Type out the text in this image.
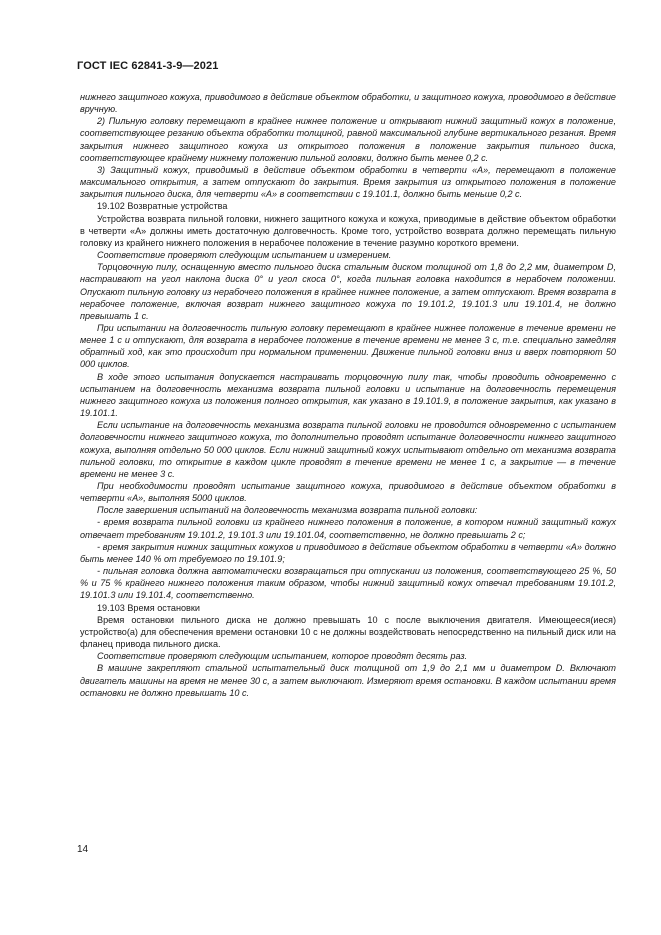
ГОСТ IEC 62841-3-9—2021

нижнего защитного кожуха, приводимого в действие объектом обработки, и защитного кожуха, проводимого в действие вручную.

2) Пильную головку перемещают в крайнее нижнее положение и открывают нижний защитный кожух в положение, соответствующее резанию объекта обработки толщиной, равной максимальной глубине вертикального резания. Время закрытия нижнего защитного кожуха из открытого положения в положение закрытия пильного диска, соответствующее крайнему нижнему положению пильной головки, должно быть менее 0,2 с.

3) Защитный кожух, приводимый в действие объектом обработки в четверти «А», перемещают в положение максимального открытия, а затем отпускают до закрытия. Время закрытия из открытого положения в положение закрытия пильного диска, для четверти «А» в соответствии с 19.101.1, должно быть меньше 0,2 с.

19.102 Возвратные устройства

Устройства возврата пильной головки, нижнего защитного кожуха и кожуха, приводимые в действие объектом обработки в четверти «А» должны иметь достаточную долговечность. Кроме того, устройство возврата должно перемещать пильную головку из крайнего нижнего положения в нерабочее положение в течение разумно короткого времени.

Соответствие проверяют следующим испытанием и измерением.

Торцовочную пилу, оснащенную вместо пильного диска стальным диском толщиной от 1,8 до 2,2 мм, диаметром D, настраивают на угол наклона диска 0° и угол скоса 0°, когда пильная головка находится в нерабочем положении. Опускают пильную головку из нерабочего положения в крайнее нижнее положение, а затем отпускают. Время возврата в нерабочее положение, включая возврат нижнего защитного кожуха по 19.101.2, 19.101.3 или 19.101.4, не должно превышать 1 с.

При испытании на долговечность пильную головку перемещают в крайнее нижнее положение в течение времени не менее 1 с и отпускают, для возврата в нерабочее положение в течение времени не менее 3 с, т.е. специально замедляя обратный ход, как это происходит при нормальном применении. Движение пильной головки вниз и вверх повторяют 50 000 циклов.

В ходе этого испытания допускается настраивать торцовочную пилу так, чтобы проводить одновременно с испытанием на долговечность механизма возврата пильной головки и испытание на долговечность перемещения нижнего защитного кожуха из положения полного открытия, как указано в 19.101.9, в положение закрытия, как указано в 19.101.1.

Если испытание на долговечность механизма возврата пильной головки не проводится одновременно с испытанием долговечности нижнего защитного кожуха, то дополнительно проводят испытание долговечности нижнего защитного кожуха, выполняя отдельно 50 000 циклов. Если нижний защитный кожух испытывают отдельно от механизма возврата пильной головки, то открытие в каждом цикле проводят в течение времени не менее 1 с, а закрытие — в течение времени не менее 3 с.

При необходимости проводят испытание защитного кожуха, приводимого в действие объектом обработки в четверти «А», выполняя 5000 циклов.

После завершения испытаний на долговечность механизма возврата пильной головки:

- время возврата пильной головки из крайнего нижнего положения в положение, в котором нижний защитный кожух отвечает требованиям 19.101.2, 19.101.3 или 19.101.04, соответственно, не должно превышать 2 с;

- время закрытия нижних защитных кожухов и приводимого в действие объектом обработки в четверти «А» должно быть менее 140 % от требуемого по 19.101.9;

- пильная головка должна автоматически возвращаться при отпускании из положения, соответствующего 25 %, 50 % и 75 % крайнего нижнего положения таким образом, чтобы нижний защитный кожух отвечал требованиям 19.101.2, 19.101.3 или 19.101.4, соответственно.

19.103 Время остановки

Время остановки пильного диска не должно превышать 10 с после выключения двигателя. Имеющееся(иеся) устройство(а) для обеспечения времени остановки 10 с не должны воздействовать непосредственно на пильный диск или на фланец привода пильного диска.

Соответствие проверяют следующим испытанием, которое проводят десять раз.

В машине закрепляют стальной испытательный диск толщиной от 1,9 до 2,1 мм и диаметром D. Включают двигатель машины на время не менее 30 с, а затем выключают. Измеряют время остановки. В каждом испытании время остановки не должно превышать 10 с.

14
